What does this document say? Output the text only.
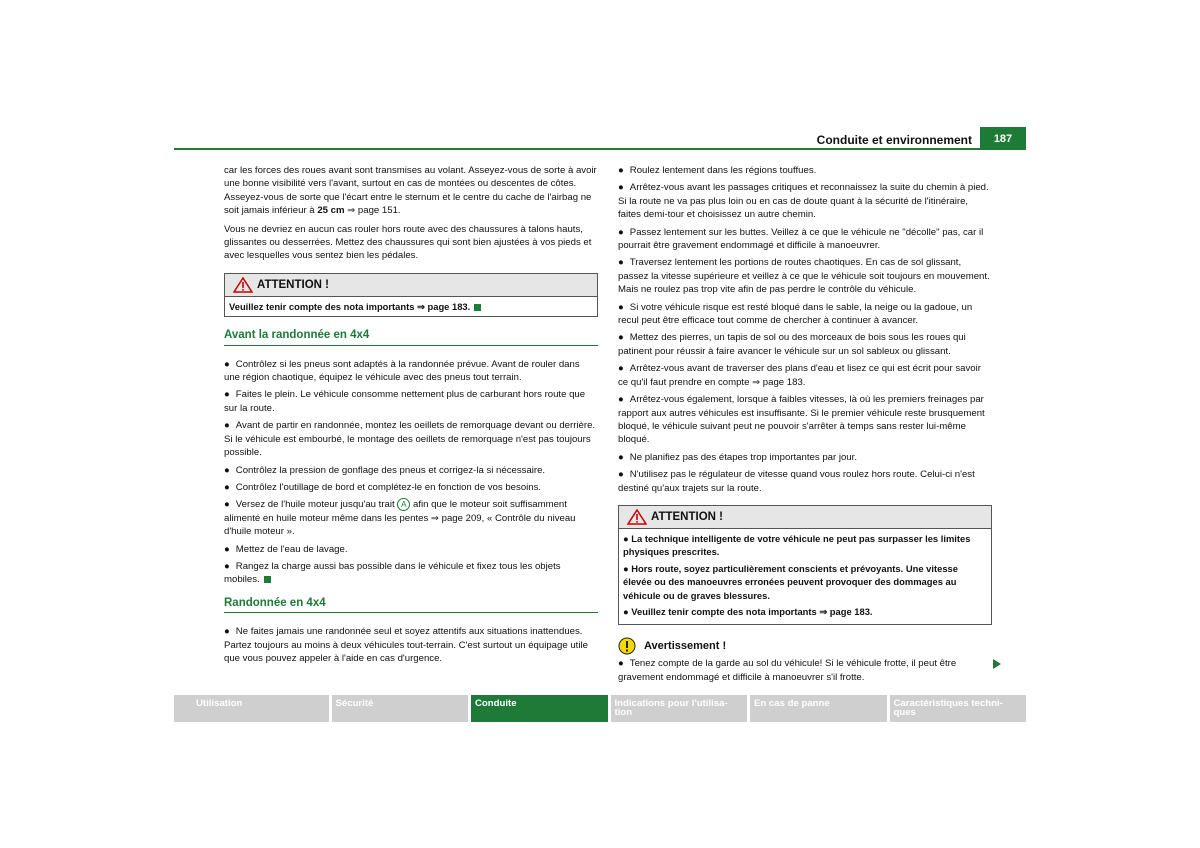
Conduite et environnement	187

car les forces des roues avant sont transmises au volant. Asseyez-vous de sorte à avoir une bonne visibilité vers l'avant, surtout en cas de montées ou descentes de côtes. Asseyez-vous de sorte que l'écart entre le sternum et le centre du cache de l'airbag ne soit jamais inférieur à 25 cm ⇒ page 151.

Vous ne devriez en aucun cas rouler hors route avec des chaussures à talons hauts, glissantes ou desserrées. Mettez des chaussures qui sont bien ajustées à vos pieds et avec lesquelles vous sentez bien les pédales.

ATTENTION !
Veuillez tenir compte des nota importants ⇒ page 183.
Avant la randonnée en 4x4

● Contrôlez si les pneus sont adaptés à la randonnée prévue. Avant de rouler dans une région chaotique, équipez le véhicule avec des pneus tout terrain.

● Faites le plein. Le véhicule consomme nettement plus de carburant hors route que sur la route.

● Avant de partir en randonnée, montez les oeillets de remorquage devant ou derrière. Si le véhicule est embourbé, le montage des oeillets de remorquage n'est pas toujours possible.

● Contrôlez la pression de gonflage des pneus et corrigez-la si nécessaire.

● Contrôlez l'outillage de bord et complétez-le en fonction de vos besoins.

● Versez de l'huile moteur jusqu'au trait A afin que le moteur soit suffisamment alimenté en huile moteur même dans les pentes ⇒ page 209, « Contrôle du niveau d'huile moteur ».

● Mettez de l'eau de lavage.

● Rangez la charge aussi bas possible dans le véhicule et fixez tous les objets mobiles.

Randonnée en 4x4

● Ne faites jamais une randonnée seul et soyez attentifs aux situations inattendues. Partez toujours au moins à deux véhicules tout-terrain. C'est surtout un équipage utile que vous pouvez appeler à l'aide en cas d'urgence.

● Roulez lentement dans les régions touffues.

● Arrêtez-vous avant les passages critiques et reconnaissez la suite du chemin à pied. Si la route ne va pas plus loin ou en cas de doute quant à la sécurité de l'itinéraire, faites demi-tour et choisissez un autre chemin.

● Passez lentement sur les buttes. Veillez à ce que le véhicule ne "décolle" pas, car il pourrait être gravement endommagé et difficile à manoeuvrer.

● Traversez lentement les portions de routes chaotiques. En cas de sol glissant, passez la vitesse supérieure et veillez à ce que le véhicule soit toujours en mouvement. Mais ne roulez pas trop vite afin de pas perdre le contrôle du véhicule.

● Si votre véhicule risque est resté bloqué dans le sable, la neige ou la gadoue, un recul peut être efficace tout comme de chercher à continuer à avancer.

● Mettez des pierres, un tapis de sol ou des morceaux de bois sous les roues qui patinent pour réussir à faire avancer le véhicule sur un sol sableux ou glissant.

● Arrêtez-vous avant de traverser des plans d'eau et lisez ce qui est écrit pour savoir ce qu'il faut prendre en compte ⇒ page 183.

● Arrêtez-vous également, lorsque à faibles vitesses, là où les premiers freinages par rapport aux autres véhicules est insuffisante. Si le premier véhicule reste brusquement bloqué, le véhicule suivant peut ne pouvoir s'arrêter à temps sans rester lui-même bloqué.

● Ne planifiez pas des étapes trop importantes par jour.

● N'utilisez pas le régulateur de vitesse quand vous roulez hors route. Celui-ci n'est destiné qu'aux trajets sur la route.

ATTENTION !

● La technique intelligente de votre véhicule ne peut pas surpasser les limites physiques prescrites.

● Hors route, soyez particulièrement conscients et prévoyants. Une vitesse élevée ou des manoeuvres erronées peuvent provoquer des dommages au véhicule ou de graves blessures.

● Veuillez tenir compte des nota importants ⇒ page 183.

Avertissement !

● Tenez compte de la garde au sol du véhicule! Si le véhicule frotte, il peut être gravement endommagé et difficile à manoeuvrer s'il frotte.

Utilisation	Sécurité	Conduite	Indications pour l'utilisa-
tion
En cas de panne	Caractéristiques techni-
ques
